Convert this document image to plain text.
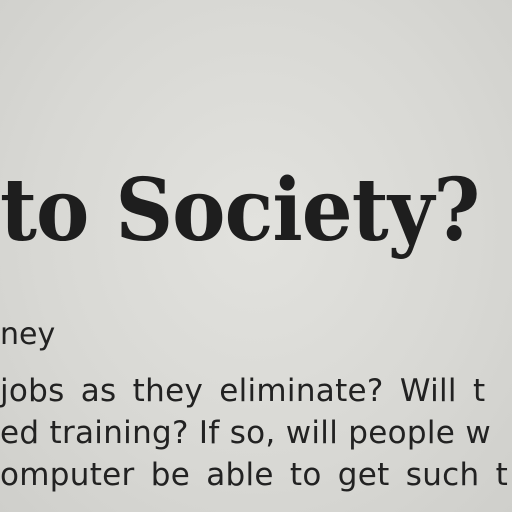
to Society?
ney
jobs as they eliminate? Will t
ed training? If so, will people w
omputer be able to get such t
